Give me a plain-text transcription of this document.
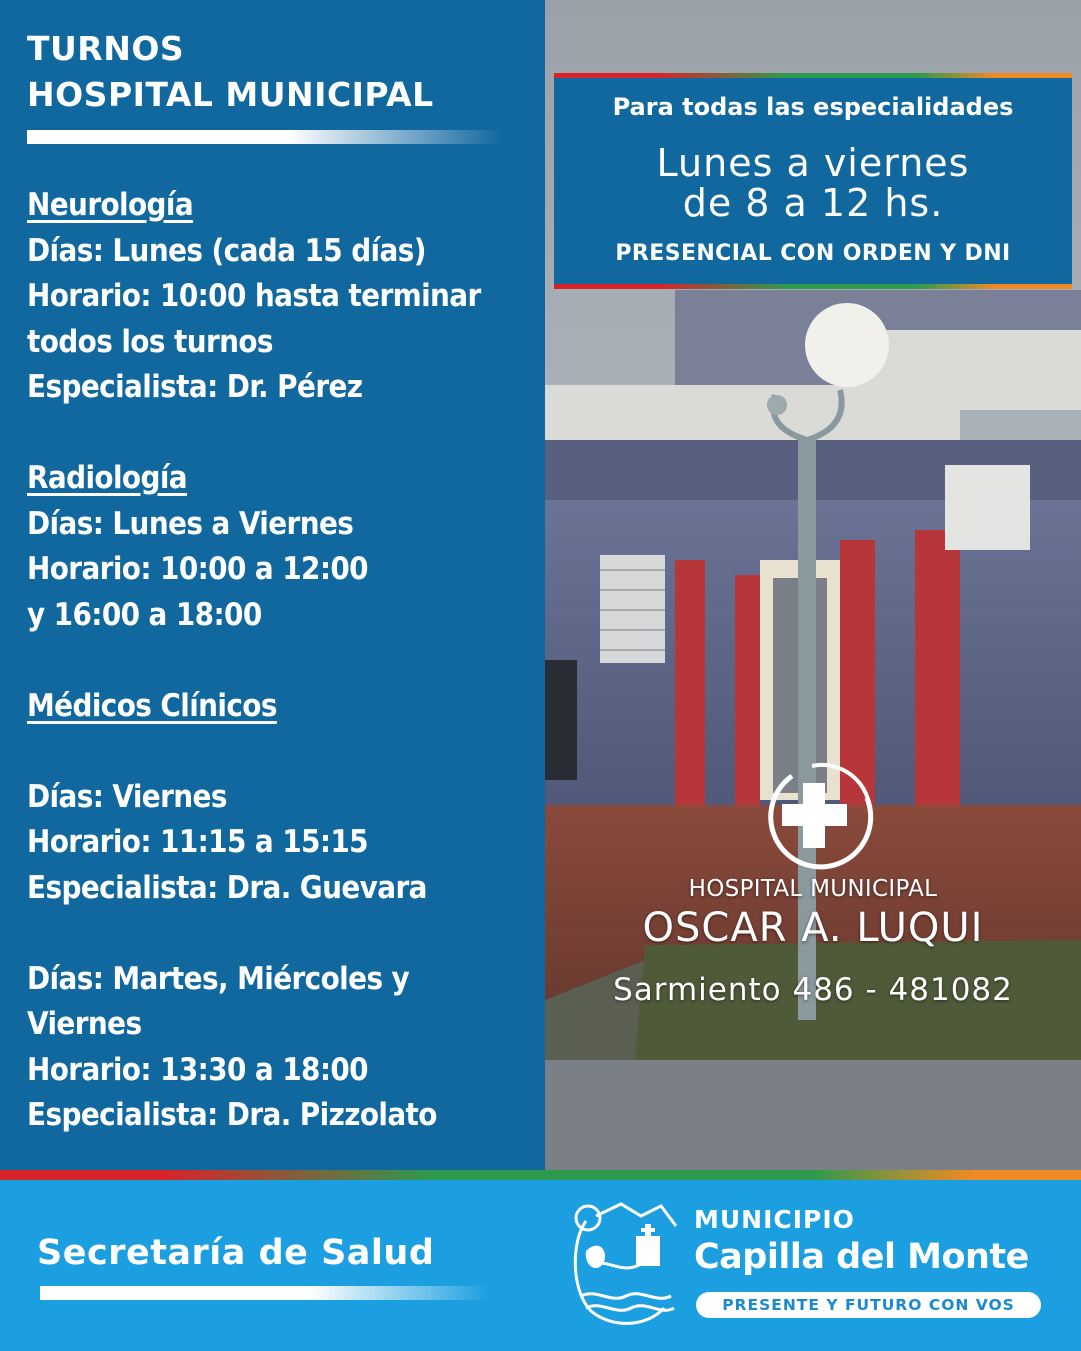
TURNOS
HOSPITAL MUNICIPAL
Neurología
Días: Lunes (cada 15 días)
Horario: 10:00 hasta terminar
todos los turnos
Especialista: Dr. Pérez
Radiología
Días: Lunes a Viernes
Horario: 10:00 a 12:00
y 16:00 a 18:00
Médicos Clínicos
Días: Viernes
Horario: 11:15 a 15:15
Especialista: Dra. Guevara
Días: Martes, Miércoles y
Viernes
Horario: 13:30 a 18:00
Especialista: Dra. Pizzolato
Para todas las especialidades
Lunes a viernes
de 8 a 12 hs.
PRESENCIAL CON ORDEN Y DNI
HOSPITAL MUNICIPAL
OSCAR A. LUQUI
Sarmiento 486 - 481082
Secretaría de Salud
MUNICIPIO
Capilla del Monte
PRESENTE Y FUTURO CON VOS
